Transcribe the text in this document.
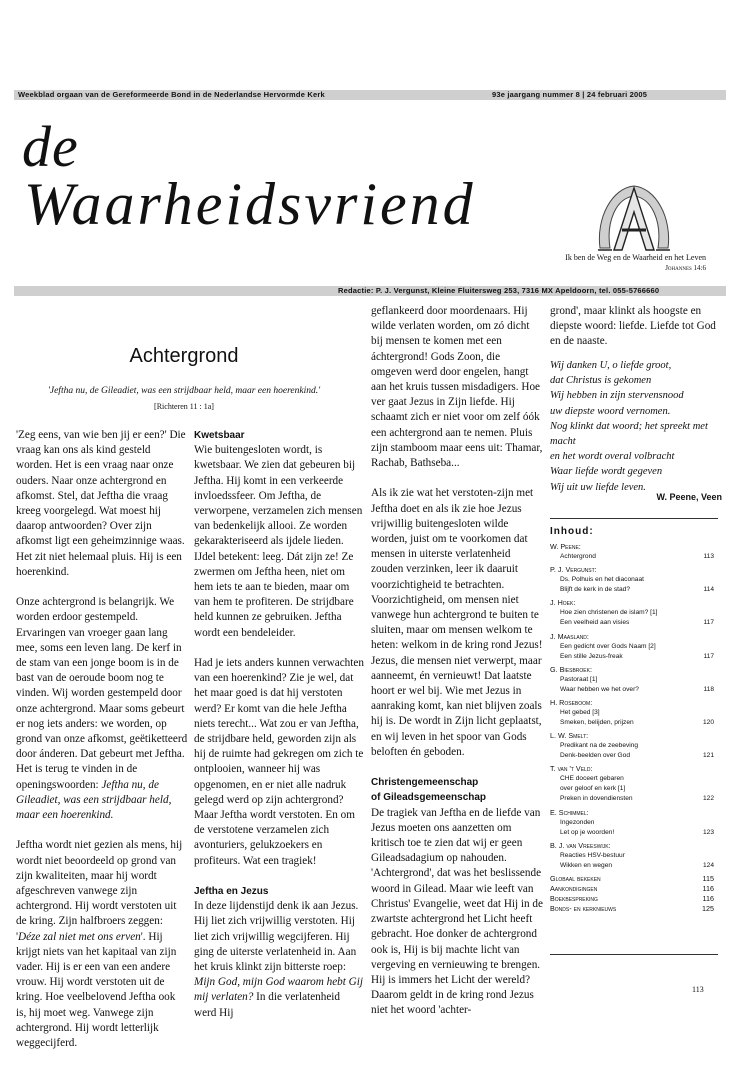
Weekblad orgaan van de Gereformeerde Bond in de Nederlandse Hervormde Kerk	93e jaargang nummer 8 | 24 februari 2005
de
Waarheidsvriend
Ik ben de Weg en de Waarheid en het Leven
Johannes 14:6
Redactie: P. J. Vergunst, Kleine Fluitersweg 253, 7316 MX Apeldoorn, tel. 055-5766660
Achtergrond
'Jeftha nu, de Gileadiet, was een strijdbaar held, maar een hoerenkind.'
[Richteren 11 : 1a]

'Zeg eens, van wie ben jij er een?' Die vraag kan ons als kind gesteld worden. Het is een vraag naar onze ouders. Naar onze achtergrond en afkomst. Stel, dat Jeftha die vraag kreeg voorgelegd. Wat moest hij daarop antwoorden? Over zijn afkomst ligt een geheimzinnige waas. Het zit niet helemaal pluis. Hij is een hoerenkind.

Onze achtergrond is belangrijk. We worden erdoor gestempeld. Ervaringen van vroeger gaan lang mee, soms een leven lang. De kerf in de stam van een jonge boom is in de bast van de oeroude boom nog te vinden. Wij worden gestempeld door onze achtergrond. Maar soms gebeurt er nog iets anders: we worden, op grond van onze afkomst, geëtiketteerd door ánderen. Dat gebeurt met Jeftha. Het is terug te vinden in de openingswoorden: Jeftha nu, de Gileadiet, was een strijdbaar held, maar een hoerenkind.

Jeftha wordt niet gezien als mens, hij wordt niet beoordeeld op grond van zijn kwaliteiten, maar hij wordt afgeschreven vanwege zijn achtergrond. Hij wordt verstoten uit de kring. Zijn halfbroers zeggen: 'Déze zal niet met ons erven'. Hij krijgt niets van het kapitaal van zijn vader. Hij is er een van een andere vrouw. Hij wordt verstoten uit de kring. Hoe veelbelovend Jeftha ook is, hij moet weg. Vanwege zijn achtergrond. Hij wordt letterlijk weggecijferd.

Kwetsbaar

Wie buitengesloten wordt, is kwetsbaar. We zien dat gebeuren bij Jeftha. Hij komt in een verkeerde invloedssfeer. Om Jeftha, de verworpene, verzamelen zich mensen van bedenkelijk allooi. Ze worden gekarakteriseerd als ijdele lieden. IJdel betekent: leeg. Dát zijn ze! Ze zwermen om Jeftha heen, niet om hem iets te aan te bieden, maar om van hem te profiteren. De strijdbare held kunnen ze gebruiken. Jeftha wordt een bendeleider.

Had je iets anders kunnen verwachten van een hoerenkind? Zie je wel, dat het maar goed is dat hij verstoten werd? Er komt van die hele Jeftha niets terecht... Wat zou er van Jeftha, de strijdbare held, geworden zijn als hij de ruimte had gekregen om zich te ontplooien, wanneer hij was opgenomen, en er niet alle nadruk gelegd werd op zijn achtergrond? Maar Jeftha wordt verstoten. En om de verstotene verzamelen zich avonturiers, gelukzoekers en profiteurs. Wat een tragiek!

Jeftha en Jezus

In deze lijdenstijd denk ik aan Jezus. Hij liet zich vrijwillig verstoten. Hij liet zich vrijwillig wegcijferen. Hij ging de uiterste verlatenheid in. Aan het kruis klinkt zijn bitterste roep: Mijn God, mijn God waarom hebt Gij mij verlaten? In die verlatenheid werd Hij

geflankeerd door moordenaars. Hij wilde verlaten worden, om zó dicht bij mensen te komen met een áchtergrond! Gods Zoon, die omgeven werd door engelen, hangt aan het kruis tussen misdadigers. Hoe ver gaat Jezus in Zijn liefde. Hij schaamt zich er niet voor om zelf óók een achtergrond aan te nemen. Pluis zijn stamboom maar eens uit: Thamar, Rachab, Bathseba...

Als ik zie wat het verstoten-zijn met Jeftha doet en als ik zie hoe Jezus vrijwillig buitengesloten wilde worden, juist om te voorkomen dat mensen in uiterste verlatenheid zouden verzinken, leer ik daaruit voorzichtigheid te betrachten. Voorzichtigheid, om mensen niet vanwege hun achtergrond te buiten te sluiten, maar om mensen welkom te heten: welkom in de kring rond Jezus! Jezus, die mensen niet verwerpt, maar aanneemt, én vernieuwt! Dat laatste hoort er wel bij. Wie met Jezus in aanraking komt, kan niet blijven zoals hij is. De wordt in Zijn licht geplaatst, en wij leven in het spoor van Gods beloften én geboden.

Christengemeenschap
of Gileadsgemeenschap

De tragiek van Jeftha en de liefde van Jezus moeten ons aanzetten om kritisch toe te zien dat wij er geen Gileadsadagium op nahouden. 'Achtergrond', dat was het beslissende woord in Gilead. Maar wie leeft van Christus' Evangelie, weet dat Hij in de zwartste achtergrond het Licht heeft gebracht. Hoe donker de achtergrond ook is, Hij is bij machte licht van vergeving en vernieuwing te brengen. Hij is immers het Licht der wereld? Daarom geldt in de kring rond Jezus niet het woord 'achter-

grond', maar klinkt als hoogste en diepste woord: liefde. Liefde tot God en de naaste.

Wij danken U, o liefde groot,
dat Christus is gekomen
Wij hebben in zijn stervensnood
uw diepste woord vernomen.
Nog klinkt dat woord; het spreekt met macht
en het wordt overal volbracht
Waar liefde wordt gegeven
Wij uit uw liefde leven.
W. Peene, Veen
Inhoud:
W. Peene:
Achtergrond	113
P. J. Vergunst:
Ds. Polhuis en het diaconaat
Blijft de kerk in de stad?	114
J. Hoek:
Hoe zien christenen de islam? [1]
Een veelheid aan visies	117
J. Maasland:
Een gedicht over Gods Naam [2]
Een stille Jezus-freak	117
G. Biesbroek:
Pastoraat [1]
Waar hebben we het over?	118
H. Roseboom:
Het gebed [3]
Smeken, belijden, prijzen	120
L. W. Smelt:
Predikant na de zeebeving
Denk-beelden over God	121
T. van 't Veld:
CHE doceert gebaren
over geloof en kerk [1]
Preken in dovendiensten	122
E. Schimmel:
Ingezonden
Let op je woorden!	123
B. J. van Vreeswijk:
Reacties HSV-bestuur
Wikken en wegen	124
Globaal bekeken	115
Aankondigingen	116
Boekbespreking	116
Bonds- en kerknieuws	125
113
